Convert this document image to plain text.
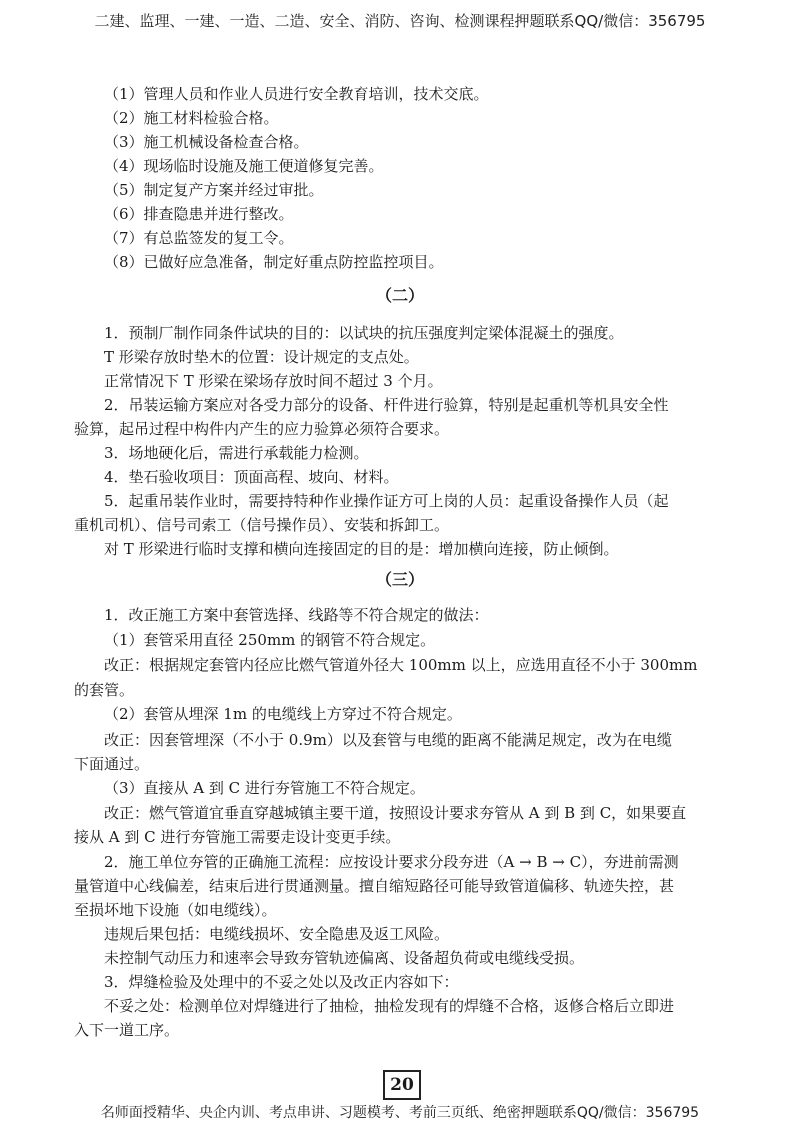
二建、监理、一建、一造、二造、安全、消防、咨询、检测课程押题联系QQ/微信：356795
（1）管理人员和作业人员进行安全教育培训，技术交底。
（2）施工材料检验合格。
（3）施工机械设备检查合格。
（4）现场临时设施及施工便道修复完善。
（5）制定复产方案并经过审批。
（6）排查隐患并进行整改。
（7）有总监签发的复工令。
（8）已做好应急准备，制定好重点防控监控项目。
（二）
1．预制厂制作同条件试块的目的：以试块的抗压强度判定梁体混凝土的强度。
T 形梁存放时垫木的位置：设计规定的支点处。
正常情况下 T 形梁在梁场存放时间不超过 3 个月。
2．吊装运输方案应对各受力部分的设备、杆件进行验算，特别是起重机等机具安全性
验算，起吊过程中构件内产生的应力验算必须符合要求。
3．场地硬化后，需进行承载能力检测。
4．垫石验收项目：顶面高程、坡向、材料。
5．起重吊装作业时，需要持特种作业操作证方可上岗的人员：起重设备操作人员（起
重机司机）、信号司索工（信号操作员）、安装和拆卸工。
对 T 形梁进行临时支撑和横向连接固定的目的是：增加横向连接，防止倾倒。
（三）
1．改正施工方案中套管选择、线路等不符合规定的做法：
（1）套管采用直径 250mm 的钢管不符合规定。
改正：根据规定套管内径应比燃气管道外径大 100mm 以上，应选用直径不小于 300mm
的套管。
（2）套管从埋深 1m 的电缆线上方穿过不符合规定。
改正：因套管埋深（不小于 0.9m）以及套管与电缆的距离不能满足规定，改为在电缆
下面通过。
（3）直接从 A 到 C 进行夯管施工不符合规定。
改正：燃气管道宜垂直穿越城镇主要干道，按照设计要求夯管从 A 到 B 到 C，如果要直
接从 A 到 C 进行夯管施工需要走设计变更手续。
2．施工单位夯管的正确施工流程：应按设计要求分段夯进（A → B → C），夯进前需测
量管道中心线偏差，结束后进行贯通测量。擅自缩短路径可能导致管道偏移、轨迹失控，甚
至损坏地下设施（如电缆线）。
违规后果包括：电缆线损坏、安全隐患及返工风险。
未控制气动压力和速率会导致夯管轨迹偏离、设备超负荷或电缆线受损。
3．焊缝检验及处理中的不妥之处以及改正内容如下：
不妥之处：检测单位对焊缝进行了抽检，抽检发现有的焊缝不合格，返修合格后立即进
入下一道工序。
20
名师面授精华、央企内训、考点串讲、习题模考、考前三页纸、绝密押题联系QQ/微信：356795
